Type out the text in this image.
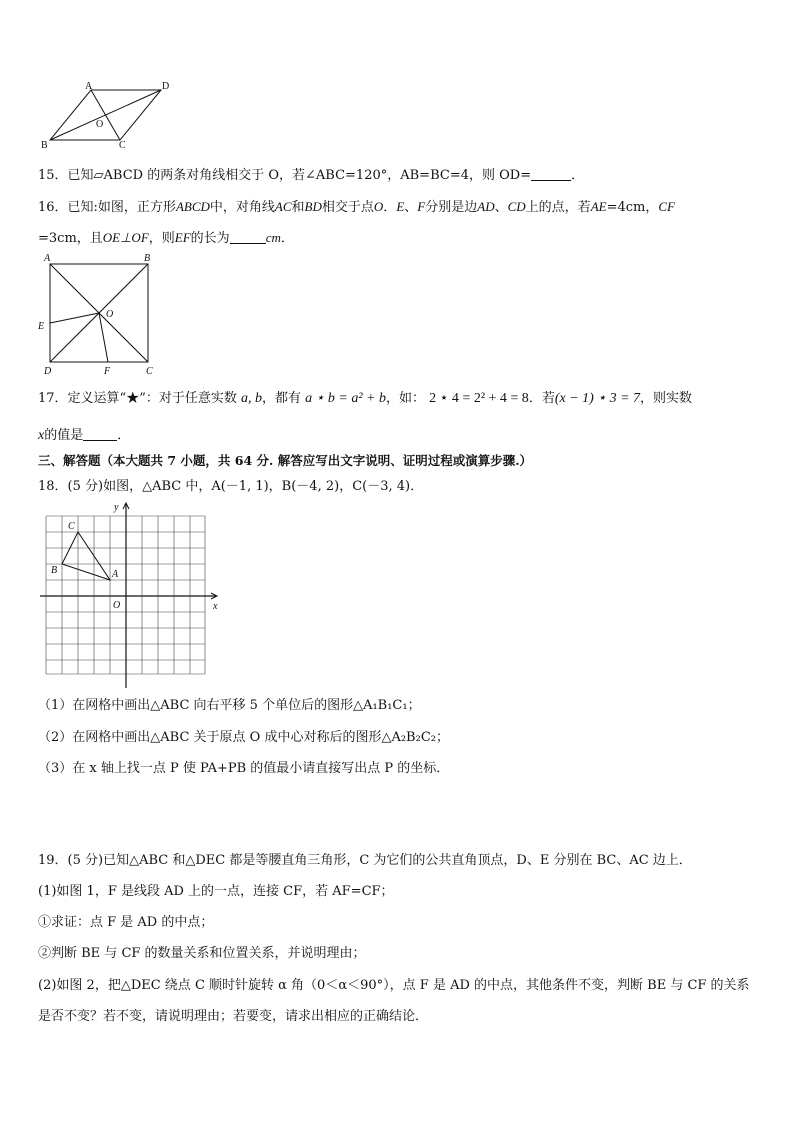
A	D
B	C
O
15．已知▱ABCD 的两条对角线相交于 O，若∠ABC=120°，AB=BC=4，则 OD=	．
16．已知:如图，正方形ABCD中，对角线AC和BD相交于点O．E、F分别是边AD、CD上的点，若AE=4cm，CF
=3cm，且OE⊥OF，则EF的长为	cm．
A	B
D	C
E
F
O
17．定义运算“★”：对于任意实数 a, b，都有 a ⋆ b = a² + b，如： 2 ⋆ 4 = 2² + 4 = 8．若(x − 1) ⋆ 3 = 7，则实数
x的值是	．
三、解答题（本大题共 7 小题，共 64 分. 解答应写出文字说明、证明过程或演算步骤.）
18．(5 分)如图，△ABC 中，A(－1, 1)，B(－4, 2)，C(－3, 4)．
y
x
O
A
B
C
（1）在网格中画出△ABC 向右平移 5 个单位后的图形△A₁B₁C₁；
（2）在网格中画出△ABC 关于原点 O 成中心对称后的图形△A₂B₂C₂；
（3）在 x 轴上找一点 P 使 PA+PB 的值最小请直接写出点 P 的坐标．
19．(5 分)已知△ABC 和△DEC 都是等腰直角三角形，C 为它们的公共直角顶点，D、E 分别在 BC、AC 边上．
(1)如图 1，F 是线段 AD 上的一点，连接 CF，若 AF=CF；
①求证：点 F 是 AD 的中点；
②判断 BE 与 CF 的数量关系和位置关系，并说明理由；
(2)如图 2，把△DEC 绕点 C 顺时针旋转 α 角（0＜α＜90°），点 F 是 AD 的中点，其他条件不变，判断 BE 与 CF 的关系
是否不变？若不变，请说明理由；若要变，请求出相应的正确结论．
